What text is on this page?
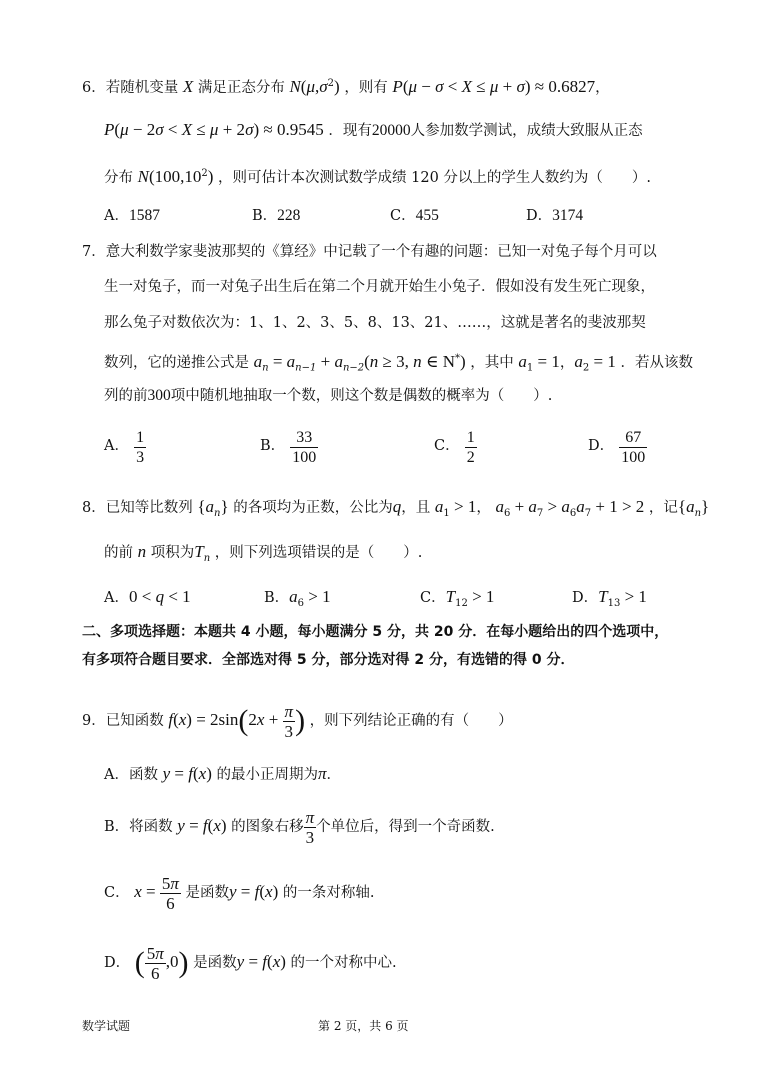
6．若随机变量 X 满足正态分布 $N(\mu,\sigma^2)$ ，则有 P(μ − σ < X ≤ μ + σ) ≈ 0.6827，
P(μ − 2σ < X ≤ μ + 2σ) ≈ 0.9545 ．现有20000人参加数学测试，成绩大致服从正态
分布 N(100,10$^2$) ，则可估计本次测试数学成绩 120 分以上的学生人数约为（　　）.
A．1587	B．228	C．455	D．3174
7．意大利数学家斐波那契的《算经》中记载了一个有趣的问题：已知一对兔子每个月可以
生一对兔子，而一对兔子出生后在第二个月就开始生小兔子．假如没有发生死亡现象，
那么兔子对数依次为：1、1、2、3、5、8、13、21、……，这就是著名的斐波那契
数列，它的递推公式是 $a_n = a_{n-1} + a_{n-2}(n \ge 3$, n ∈ N*) ，其中 $a_1 = 1$，$a_2 = 1$ ．若从该数
列的前300项中随机地抽取一个数，则这个数是偶数的概率为（　　）.
A． $\frac{1}{3}$	B． $\frac{33}{100}$	C． $\frac{1}{2}$	D． $\frac{67}{100}$
8．已知等比数列 $\{a_n\}$ 的各项均为正数，公比为q，且 $a_1 > 1$， $a_6 + a_7 > a_6a_7 + 1 > 2$ ，记$\{a_n\}$
的前 n 项积为$T_n$ ，则下列选项错误的是（　　）.
A．0 < q < 1	B．$a_6 > 1$	C．$T_{12} > 1$	D．$T_{13} > 1$
二、多项选择题：本题共 4 小题，每小题满分 5 分，共 20 分．在每小题给出的四个选项中，
有多项符合题目要求．全部选对得 5 分，部分选对得 2 分，有选错的得 0 分．
9．已知函数 $f(x) = 2\sin(2x + \frac{\pi}{3}$ ) ，则下列结论正确的有（　　）
A．函数 y = f(x) 的最小正周期为π．
B．将函数 y = f(x) 的图象右移 $\frac{\pi}{3}$ 个单位后，得到一个奇函数.
C． $x = \frac{5\pi}{6}$ 是函数y = f(x) 的一条对称轴.
D． ( $\frac{5\pi}{6} ,0$) 是函数y = f(x) 的一个对称中心.
数学试题	第 2 页，共 6 页
